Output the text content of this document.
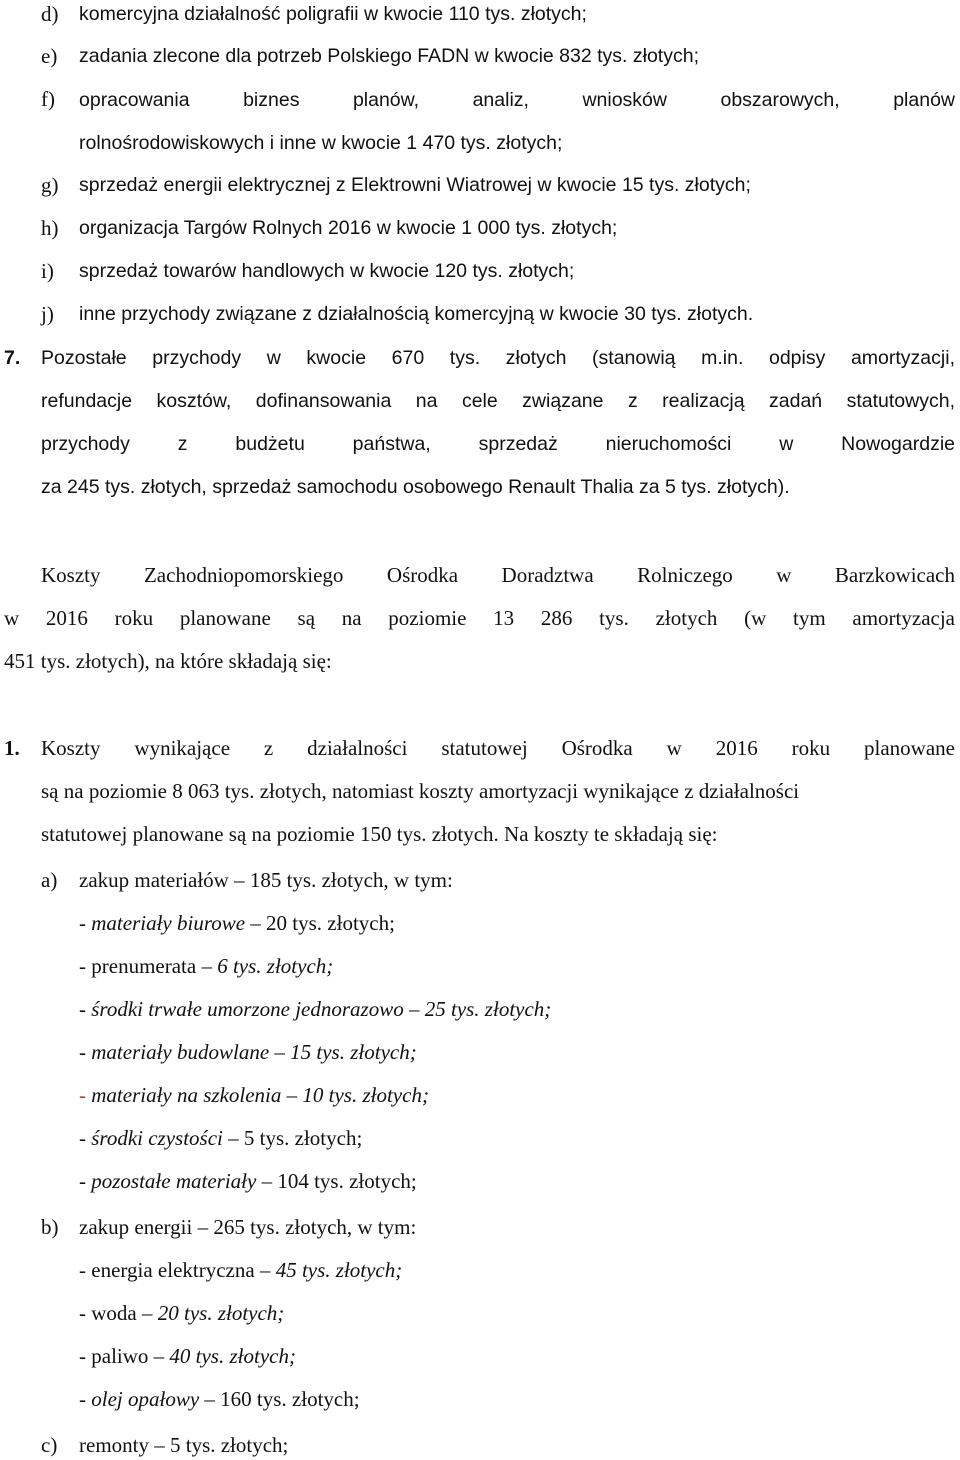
d) komercyjna działalność poligrafii w kwocie 110 tys. złotych;
e) zadania zlecone dla potrzeb Polskiego FADN w kwocie 832 tys. złotych;
f) opracowania biznes planów, analiz, wniosków obszarowych, planów
rolnośrodowiskowych i inne w kwocie 1 470 tys. złotych;
g) sprzedaż energii elektrycznej z Elektrowni Wiatrowej w kwocie 15 tys. złotych;
h) organizacja Targów Rolnych 2016 w kwocie 1 000 tys. złotych;
i) sprzedaż towarów handlowych w kwocie 120 tys. złotych;
j) inne przychody związane z działalnością komercyjną w kwocie 30 tys. złotych.
7. Pozostałe przychody w kwocie 670 tys. złotych (stanowią m.in. odpisy amortyzacji,
refundacje kosztów, dofinansowania na cele związane z realizacją zadań statutowych,
przychody z budżetu państwa, sprzedaż nieruchomości w Nowogardzie
za 245 tys. złotych, sprzedaż samochodu osobowego Renault Thalia za 5 tys. złotych).
Koszty Zachodniopomorskiego Ośrodka Doradztwa Rolniczego w Barzkowicach
w 2016 roku planowane są na poziomie 13 286 tys. złotych (w tym amortyzacja
451 tys. złotych), na które składają się:
1. Koszty wynikające z działalności statutowej Ośrodka w 2016 roku planowane
są na poziomie 8 063 tys. złotych, natomiast koszty amortyzacji wynikające z działalności
statutowej planowane są na poziomie 150 tys. złotych. Na koszty te składają się:
a) zakup materiałów – 185 tys. złotych, w tym:
- materiały biurowe – 20 tys. złotych;
- prenumerata – 6 tys. złotych;
- środki trwałe umorzone jednorazowo – 25 tys. złotych;
- materiały budowlane – 15 tys. złotych;
- materiały na szkolenia – 10 tys. złotych;
- środki czystości – 5 tys. złotych;
- pozostałe materiały – 104 tys. złotych;
b) zakup energii – 265 tys. złotych, w tym:
- energia elektryczna – 45 tys. złotych;
- woda – 20 tys. złotych;
- paliwo – 40 tys. złotych;
- olej opałowy – 160 tys. złotych;
c) remonty – 5 tys. złotych;
